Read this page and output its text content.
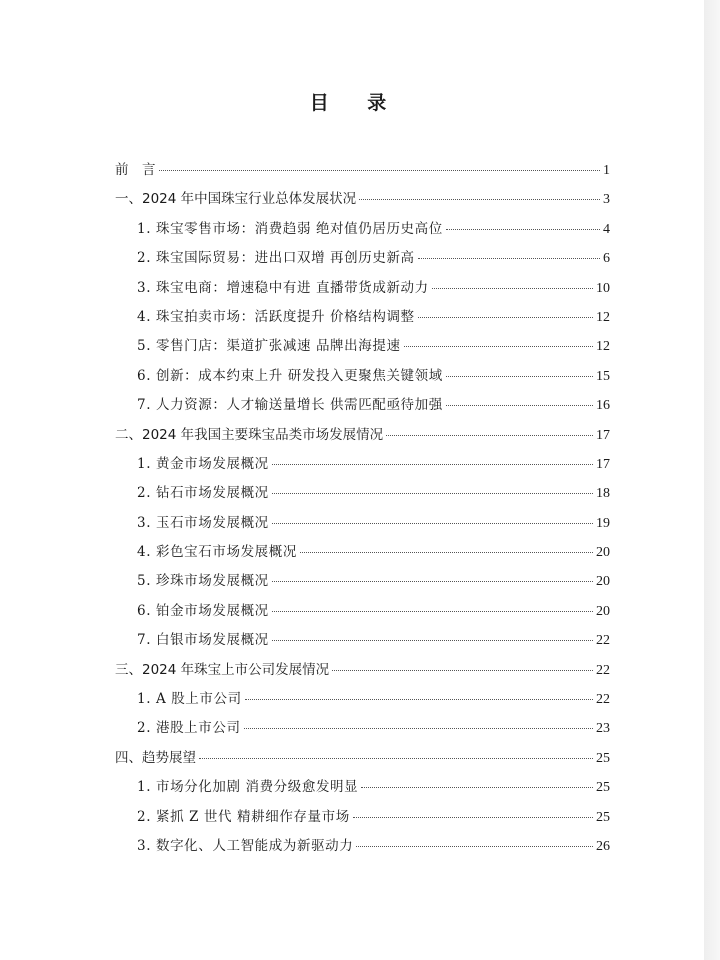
目 录
前　言	1
一、2024 年中国珠宝行业总体发展状况	3
1. 珠宝零售市场：消费趋弱 绝对值仍居历史高位	4
2. 珠宝国际贸易：进出口双增 再创历史新高	6
3. 珠宝电商：增速稳中有进 直播带货成新动力	10
4. 珠宝拍卖市场：活跃度提升 价格结构调整	12
5. 零售门店：渠道扩张减速 品牌出海提速	12
6. 创新：成本约束上升 研发投入更聚焦关键领域	15
7. 人力资源：人才输送量增长 供需匹配亟待加强	16
二、2024 年我国主要珠宝品类市场发展情况	17
1. 黄金市场发展概况	17
2. 钻石市场发展概况	18
3. 玉石市场发展概况	19
4. 彩色宝石市场发展概况	20
5. 珍珠市场发展概况	20
6. 铂金市场发展概况	20
7. 白银市场发展概况	22
三、2024 年珠宝上市公司发展情况	22
1. A 股上市公司	22
2. 港股上市公司	23
四、趋势展望	25
1. 市场分化加剧 消费分级愈发明显	25
2. 紧抓 Z 世代 精耕细作存量市场	25
3. 数字化、人工智能成为新驱动力	26
